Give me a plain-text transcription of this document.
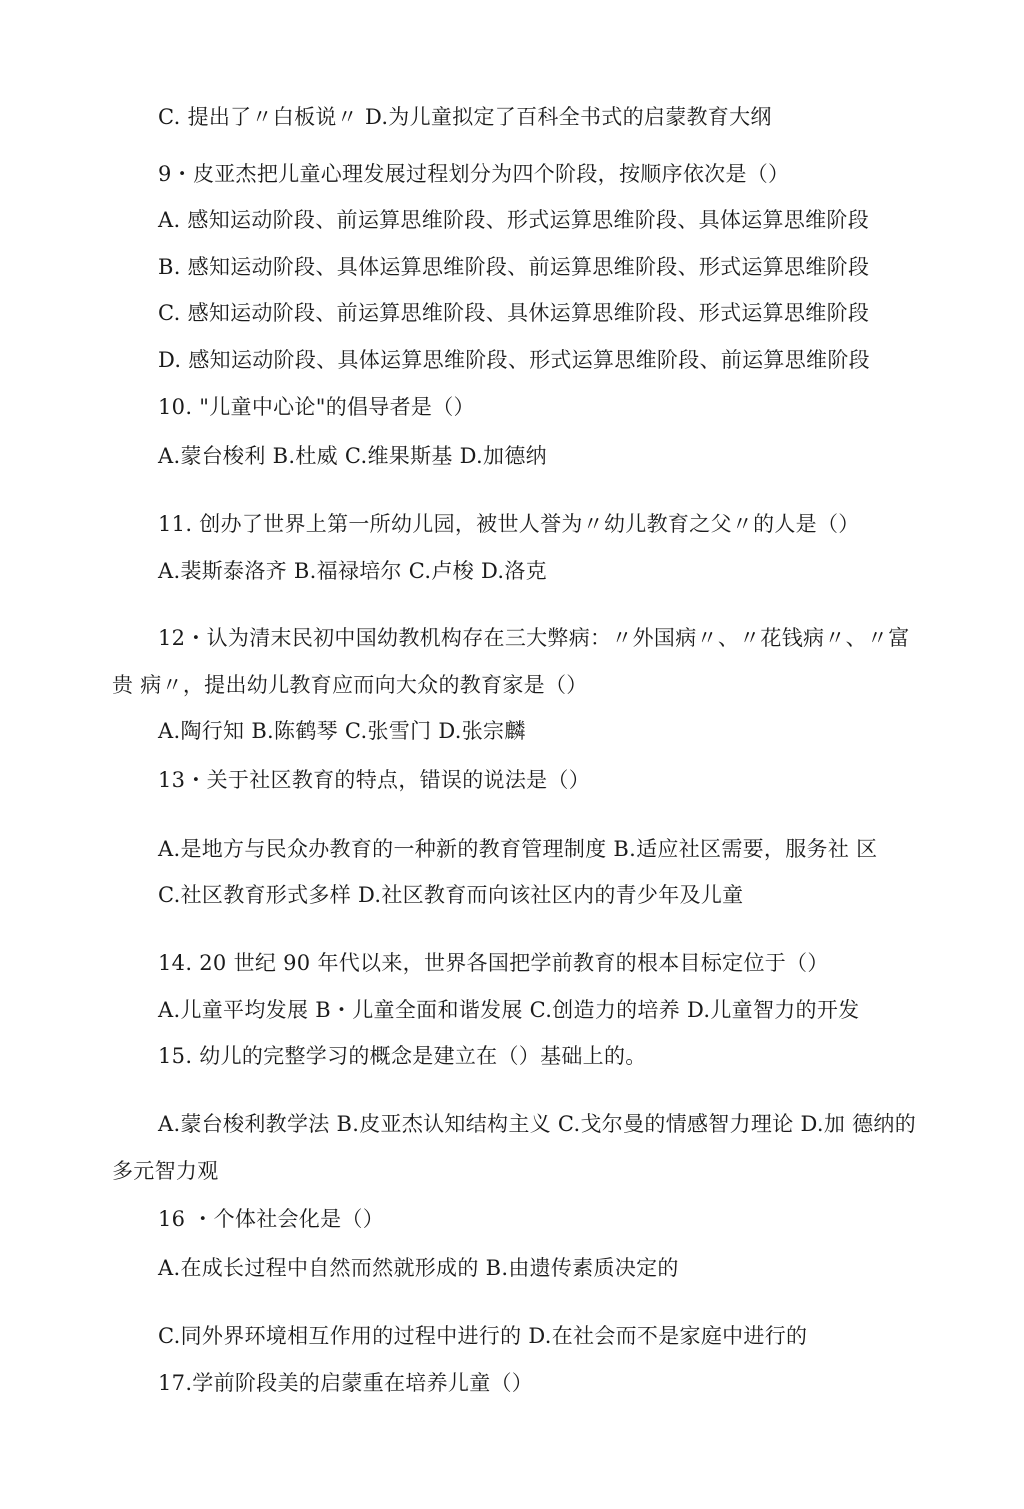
C. 提出了〃白板说〃 D.为儿童拟定了百科全书式的启蒙教育大纲
9・皮亚杰把儿童心理发展过程划分为四个阶段，按顺序依次是（）
A. 感知运动阶段、前运算思维阶段、形式运算思维阶段、具体运算思维阶段
B. 感知运动阶段、具体运算思维阶段、前运算思维阶段、形式运算思维阶段
C. 感知运动阶段、前运算思维阶段、具休运算思维阶段、形式运算思维阶段
D. 感知运动阶段、具体运算思维阶段、形式运算思维阶段、前运算思维阶段
10. "儿童中心论"的倡导者是（）
A.蒙台梭利 B.杜威 C.维果斯基 D.加德纳
11. 创办了世界上第一所幼儿园，被世人誉为〃幼儿教育之父〃的人是（）
A.裴斯泰洛齐 B.福禄培尔 C.卢梭 D.洛克
12・认为清末民初中国幼教机构存在三大弊病：〃外国病〃、〃花钱病〃、〃富
贵 病〃，提出幼儿教育应而向大众的教育家是（）
A.陶行知 B.陈鹤琴 C.张雪门 D.张宗麟
13・关于社区教育的特点，错误的说法是（）
A.是地方与民众办教育的一种新的教育管理制度 B.适应社区需要，服务社 区
C.社区教育形式多样 D.社区教育而向该社区内的青少年及儿童
14. 20 世纪 90 年代以来，世界各国把学前教育的根本目标定位于（）
A.儿童平均发展 B・儿童全面和谐发展 C.创造力的培养 D.儿童智力的开发
15. 幼儿的完整学习的概念是建立在（）基础上的。
A.蒙台梭利教学法 B.皮亚杰认知结构主义 C.戈尔曼的情感智力理论 D.加 德纳的
多元智力观
16 ・个体社会化是（）
A.在成长过程中自然而然就形成的 B.由遗传素质决定的
C.同外界环境相互作用的过程中进行的 D.在社会而不是家庭中进行的
17.学前阶段美的启蒙重在培养儿童（）
